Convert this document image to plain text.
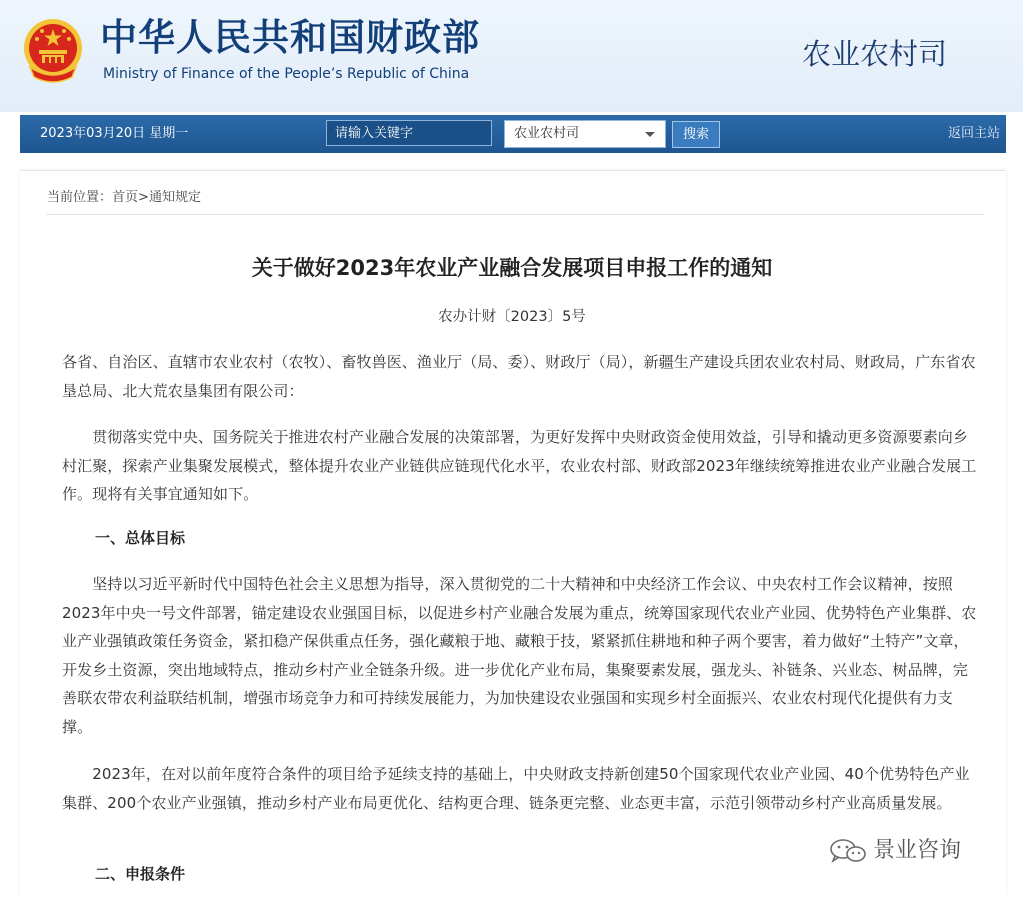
中华人民共和国财政部
Ministry of Finance of the People’s Republic of China
农业农村司
2023年03月20日 星期一
请输入关键字	农业农村司	搜索	返回主站
当前位置：首页>通知规定
关于做好2023年农业产业融合发展项目申报工作的通知
农办计财〔2023〕5号

各省、自治区、直辖市农业农村（农牧）、畜牧兽医、渔业厅（局、委）、财政厅（局），新疆生产建设兵团农业农村局、财政局，广东省农垦总局、北大荒农垦集团有限公司：

　　贯彻落实党中央、国务院关于推进农村产业融合发展的决策部署，为更好发挥中央财政资金使用效益，引导和撬动更多资源要素向乡村汇聚，探索产业集聚发展模式，整体提升农业产业链供应链现代化水平，农业农村部、财政部2023年继续统筹推进农业产业融合发展工作。现将有关事宜通知如下。

一、总体目标

　　坚持以习近平新时代中国特色社会主义思想为指导，深入贯彻党的二十大精神和中央经济工作会议、中央农村工作会议精神，按照2023年中央一号文件部署，锚定建设农业强国目标，以促进乡村产业融合发展为重点，统筹国家现代农业产业园、优势特色产业集群、农业产业强镇政策任务资金，紧扣稳产保供重点任务，强化藏粮于地、藏粮于技，紧紧抓住耕地和种子两个要害，着力做好“土特产”文章，开发乡土资源，突出地域特点，推动乡村产业全链条升级。进一步优化产业布局，集聚要素发展，强龙头、补链条、兴业态、树品牌，完善联农带农利益联结机制，增强市场竞争力和可持续发展能力，为加快建设农业强国和实现乡村全面振兴、农业农村现代化提供有力支撑。

　　2023年，在对以前年度符合条件的项目给予延续支持的基础上，中央财政支持新创建50个国家现代农业产业园、40个优势特色产业集群、200个农业产业强镇，推动乡村产业布局更优化、结构更合理、链条更完整、业态更丰富，示范引领带动乡村产业高质量发展。

二、申报条件

景业咨询
